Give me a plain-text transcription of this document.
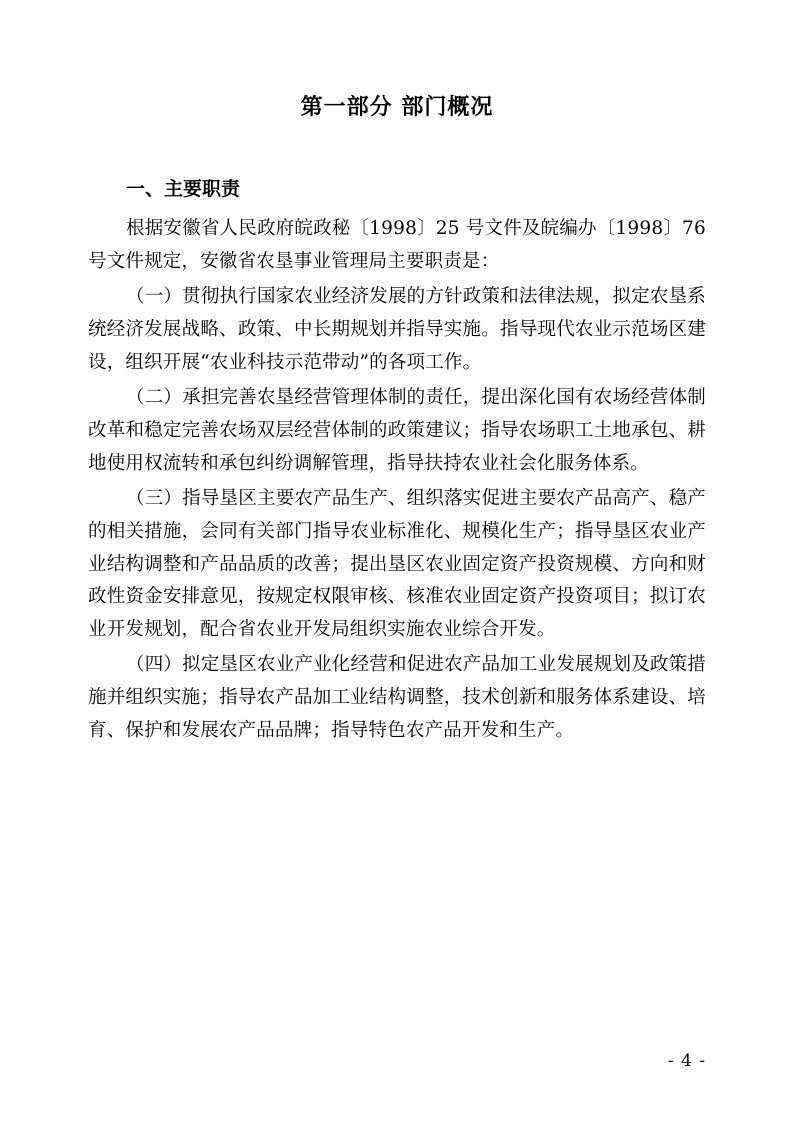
第一部分 部门概况
一、主要职责

根据安徽省人民政府皖政秘〔1998〕25 号文件及皖编办〔1998〕76 号文件规定，安徽省农垦事业管理局主要职责是：

（一）贯彻执行国家农业经济发展的方针政策和法律法规，拟定农垦系统经济发展战略、政策、中长期规划并指导实施。指导现代农业示范场区建设，组织开展“农业科技示范带动”的各项工作。

（二）承担完善农垦经营管理体制的责任，提出深化国有农场经营体制改革和稳定完善农场双层经营体制的政策建议；指导农场职工土地承包、耕地使用权流转和承包纠纷调解管理，指导扶持农业社会化服务体系。

（三）指导垦区主要农产品生产、组织落实促进主要农产品高产、稳产的相关措施，会同有关部门指导农业标准化、规模化生产；指导垦区农业产业结构调整和产品品质的改善；提出垦区农业固定资产投资规模、方向和财政性资金安排意见，按规定权限审核、核准农业固定资产投资项目；拟订农业开发规划，配合省农业开发局组织实施农业综合开发。

（四）拟定垦区农业产业化经营和促进农产品加工业发展规划及政策措施并组织实施；指导农产品加工业结构调整，技术创新和服务体系建设、培育、保护和发展农产品品牌；指导特色农产品开发和生产。

- 4 -
